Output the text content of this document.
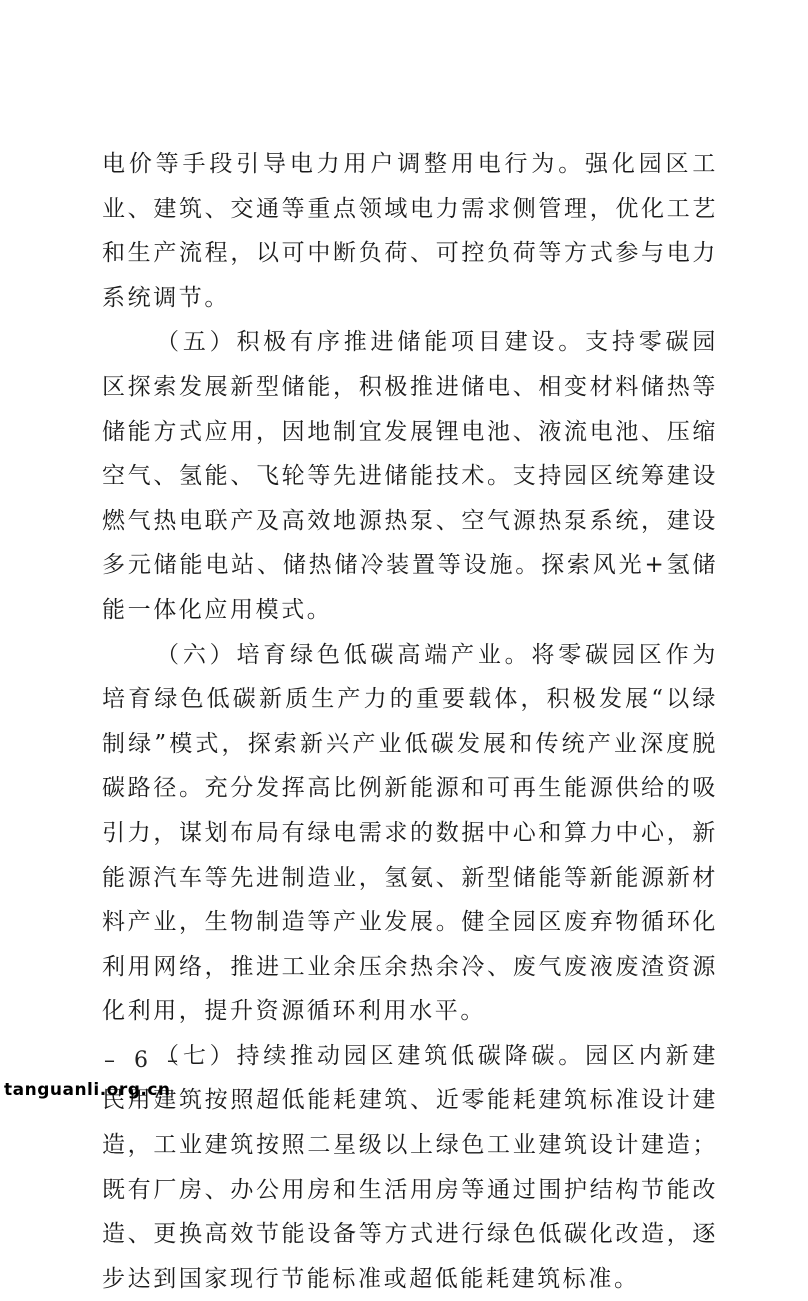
电价等手段引导电力用户调整用电行为。强化园区工业、建筑、交通等重点领域电力需求侧管理，优化工艺和生产流程，以可中断负荷、可控负荷等方式参与电力系统调节。

（五）积极有序推进储能项目建设。支持零碳园区探索发展新型储能，积极推进储电、相变材料储热等储能方式应用，因地制宜发展锂电池、液流电池、压缩空气、氢能、飞轮等先进储能技术。支持园区统筹建设燃气热电联产及高效地源热泵、空气源热泵系统，建设多元储能电站、储热储冷装置等设施。探索风光+氢储能一体化应用模式。

（六）培育绿色低碳高端产业。将零碳园区作为培育绿色低碳新质生产力的重要载体，积极发展“以绿制绿”模式，探索新兴产业低碳发展和传统产业深度脱碳路径。充分发挥高比例新能源和可再生能源供给的吸引力，谋划布局有绿电需求的数据中心和算力中心，新能源汽车等先进制造业，氢氨、新型储能等新能源新材料产业，生物制造等产业发展。健全园区废弃物循环化利用网络，推进工业余压余热余冷、废气废液废渣资源化利用，提升资源循环利用水平。

（七）持续推动园区建筑低碳降碳。园区内新建民用建筑按照超低能耗建筑、近零能耗建筑标准设计建造，工业建筑按照二星级以上绿色工业建筑设计建造；既有厂房、办公用房和生活用房等通过围护结构节能改造、更换高效节能设备等方式进行绿色低碳化改造，逐步达到国家现行节能标准或超低能耗建筑标准。

– 6 –
tanguanli.org.cn
